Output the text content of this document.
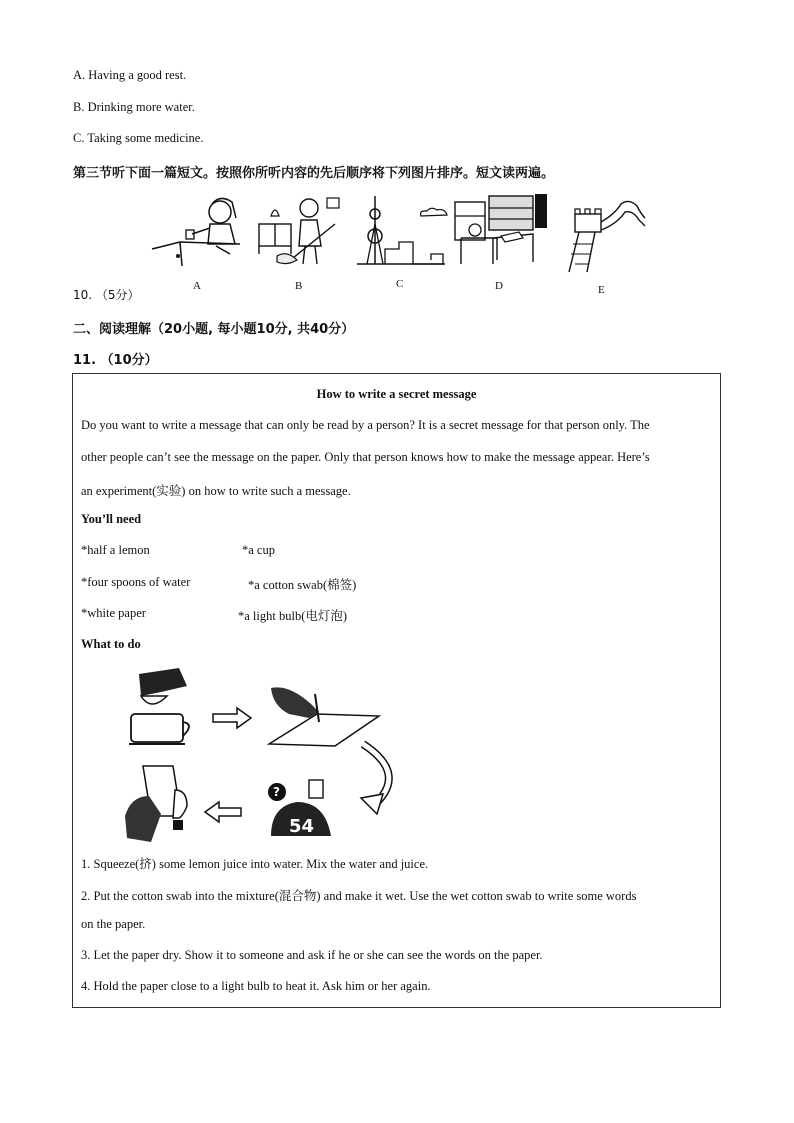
A. Having a good rest.
B. Drinking more water.
C. Taking some medicine.
第三节听下面一篇短文。按照你所听内容的先后顺序将下列图片排序。短文读两遍。
A	B	C	D	E
10. （5分）
二、阅读理解（20小题, 每小题10分, 共40分）
11. （10分）
How to write a secret message
Do you want to write a message that can only be read by a person? It is a secret message for that person only. The
other people can’t see the message on the paper. Only that person knows how to make the message appear. Here’s
an experiment(实验) on how to write such a message.
You’ll need
*half a lemon	*a cup
*four spoons of water	*a cotton swab(棉签)
*white paper	*a light bulb(电灯泡)
What to do
?
54
1. Squeeze(挤) some lemon juice into water. Mix the water and juice.
2. Put the cotton swab into the mixture(混合物) and make it wet. Use the wet cotton swab to write some words
on the paper.
3. Let the paper dry. Show it to someone and ask if he or she can see the words on the paper.
4. Hold the paper close to a light bulb to heat it. Ask him or her again.
